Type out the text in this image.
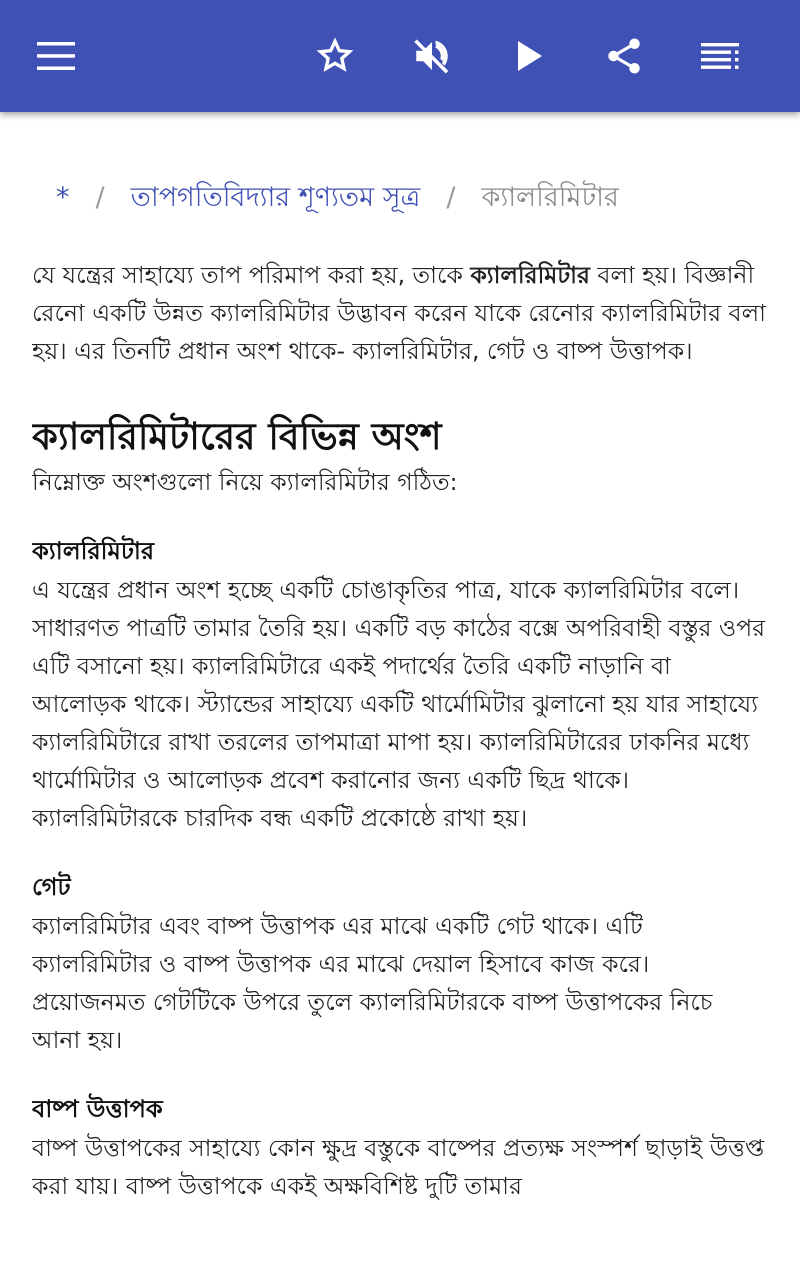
* / তাপগতিবিদ্যার শূণ্যতম সূত্র / ক্যালরিমিটার

যে যন্ত্রের সাহায্যে তাপ পরিমাপ করা হয়, তাকে ক্যালরিমিটার বলা হয়। বিজ্ঞানী রেনো একটি উন্নত ক্যালরিমিটার উদ্ভাবন করেন যাকে রেনোর ক্যালরিমিটার বলা হয়। এর তিনটি প্রধান অংশ থাকে- ক্যালরিমিটার, গেট ও বাষ্প উত্তাপক।

ক্যালরিমিটারের বিভিন্ন অংশ

নিম্নোক্ত অংশগুলো নিয়ে ক্যালরিমিটার গঠিত:

ক্যালরিমিটার

এ যন্ত্রের প্রধান অংশ হচ্ছে একটি চোঙাকৃতির পাত্র, যাকে ক্যালরিমিটার বলে। সাধারণত পাত্রটি তামার তৈরি হয়। একটি বড় কাঠের বক্সে অপরিবাহী বস্তুর ওপর এটি বসানো হয়। ক্যালরিমিটারে একই পদার্থের তৈরি একটি নাড়ানি বা আলোড়ক থাকে। স্ট্যান্ডের সাহায্যে একটি থার্মোমিটার ঝুলানো হয় যার সাহায্যে ক্যালরিমিটারে রাখা তরলের তাপমাত্রা মাপা হয়। ক্যালরিমিটারের ঢাকনির মধ্যে থার্মোমিটার ও আলোড়ক প্রবেশ করানোর জন্য একটি ছিদ্র থাকে। ক্যালরিমিটারকে চারদিক বন্ধ একটি প্রকোষ্ঠে রাখা হয়।

গেট

ক্যালরিমিটার এবং বাষ্প উত্তাপক এর মাঝে একটি গেট থাকে। এটি ক্যালরিমিটার ও বাষ্প উত্তাপক এর মাঝে দেয়াল হিসাবে কাজ করে। প্রয়োজনমত গেটটিকে উপরে তুলে ক্যালরিমিটারকে বাষ্প উত্তাপকের নিচে আনা হয়।

বাষ্প উত্তাপক

বাষ্প উত্তাপকের সাহায্যে কোন ক্ষুদ্র বস্তুকে বাষ্পের প্রত্যক্ষ সংস্পর্শ ছাড়াই উত্তপ্ত করা যায়। বাষ্প উত্তাপকে একই অক্ষবিশিষ্ট দুটি তামার
